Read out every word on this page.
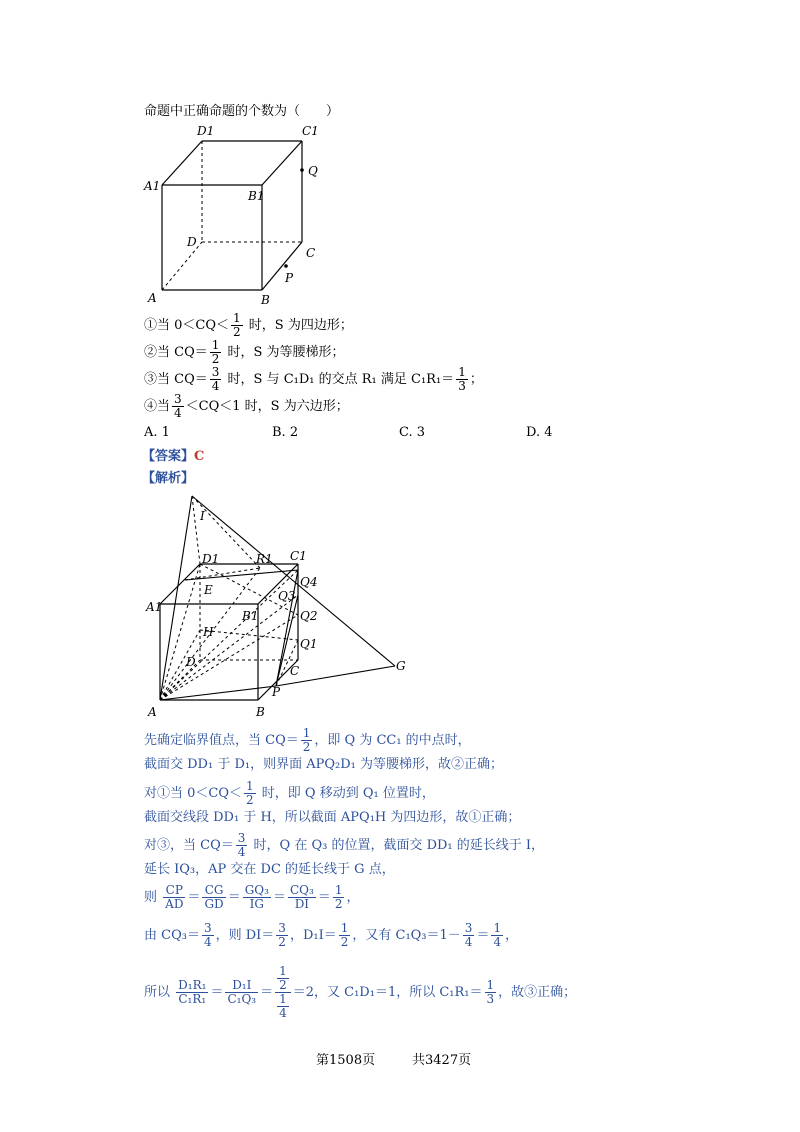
命题中正确命题的个数为（　　）
D1	C1
A1
B1
Q
D
C
A	B
P
①当 $0<CQ< \frac{1}{2}$ 时，S 为四边形；
②当 $CQ= \frac{1}{2}$ 时，S 为等腰梯形；
③当 $CQ= \frac{3}{4}$ 时，S 与 C₁D₁ 的交点 R₁ 满足 $C_1R_1= \frac{1}{3}$ ；
④当 $\frac{3}{4} <CQ<1$ 时，S 为六边形；
A. 1	B. 2	C. 3	D. 4
【答案】C
【解析】
I
D1	R1 C1
Q4
E	Q3
A1
B1	Q2
H
Q1
D
C	G
P
A	B
先确定临界值点，当 $CQ= \frac{1}{2}$ ，即 Q 为 CC₁ 的中点时，
截面交 DD₁ 于 D₁，则界面 APQ₂D₁ 为等腰梯形，故②正确；
对①当 $0<CQ< \frac{1}{2}$ 时，即 Q 移动到 Q₁ 位置时，
截面交线段 DD₁ 于 H，所以截面 APQ₁H 为四边形，故①正确；
对③，当 $CQ= \frac{3}{4}$ 时，Q 在 Q₃ 的位置，截面交 DD₁ 的延长线于 I，
延长 IQ₃，AP 交在 DC 的延长线于 G 点，
则 $\frac{CP}{AD} = \frac{CG}{GD} = \frac{\text{GQ₃}}{IG} = \frac{\text{CQ₃}}{DI} = \frac{1}{2}$ ，
由 $CQ_3= \frac{3}{4}$ ，则 $DI= \frac{3}{2}$ ，$D_1I= \frac{1}{2}$ ，又有 $C_1Q_3=1- \frac{3}{4} = \frac{1}{4}$ ，
所以 $\frac{\text{D₁R₁}}{\text{C₁R₁}} = \frac{\text{D₁I}}{\text{C₁Q₃}} = \frac{\frac{1}{2}}{\frac{1}{4}} =2$，又 C₁D₁＝1，所以 $C_1R_1= \frac{1}{3}$ ，故③正确；
第1508页	共3427页
